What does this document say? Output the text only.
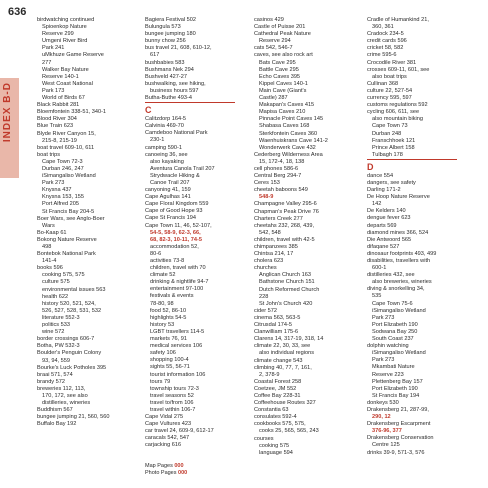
636
INDEX B-D
birdwatching continued
Spioenkop Nature
Reserve 299
Umgeni River Bird
Park 241
uMkhuze Game Reserve
277
Walker Bay Nature
Reserve 140-1
West Coast National
Park 173
World of Birds 67
Black Rabbit 281
Bloemfontein 338-51, 340-1
Blood River 304
Blue Train 623
Blyde River Canyon 15,
215-8, 215-19
boat travel 609-10, 611
boat trips
Cape Town 72-3
Durban 246, 247
iSimangaliso Wetland
Park 273
Knysna 437
Knysna 153, 155
Port Alfred 205
St Francis Bay 204-5
Boer Wars, see Anglo-Boer
Wars
Bo-Kaap 61
Bokong Nature Reserve
498
Bontebok National Park
141-4
books 596
cooking 575, 575
culture 575
environmental issues 563
health 622
history 520, 521, 524,
526, 527, 528, 531, 532
literature 552-3
politics 533
wine 572
border crossings 606-7
Botha, PW 532-3
Boulder's Penguin Colony
93, 94, 559
Bourke's Luck Potholes 395
braai 571, 574
brandy 572
breweries 112, 113,
170, 172, see also
distilleries, wineries
Buddhism 567
bungee jumping 21, 560, 560
Buffalo Bay 192
Bagiera Festival 502
Bulungula 573
bungee jumping 180
bunny chow 256
bus travel 21, 608, 610-12,
617
bushbabies 583
Bushmans Nek 294
Bushveld 427-27
bushwalking, see hiking,
business hours 597
Butha-Buthe 493-4
C
Calitzdorp 164-5
Calvinia 469-70
Camdeboo National Park
230-1
camping 590-1
canoeing 36, see
also kayaking
Aventura Canola Trail 207
Strydwacle Hiking &
Canoe Trail 207
canyoning 41, 159
Cape Agulhas 141
Cape Floral Kingdom 559
Cape of Good Hope 93
Cape St Francis 194
Cape Town 11, 46, 52-107,
54-5, 58-9, 62-3, 66,
68, 82-3, 10-11, 74-5
accommodation 52,
80-6
activities 73-8
children, travel with 70
climate 52
drinking & nightlife 94-7
entertainment 97-100
festivals & events
78-80, 98
food 52, 86-10
highlights 54-5
history 53
LGBT travellers 114-5
markets 76, 91
medical services 106
safety 106
shopping 100-4
sights 55, 56-71
tourist information 106
tours 79
township tours 72-3
travel seasons 52
travel to/from 106
travel within 106-7
Cape Vidal 275
Cape Vultures 423
car travel 24, 609-9, 612-17
caracals 542, 547
carjacking 616
casinos 429
Castle of Puisse 201
Cathedral Peak Nature
Reserve 294
cats 542, 546-7
caves, see also rock art
Bats Cave 295
Battle Cave 295
Echo Caves 395
Kippel Caves 140-1
Main Cave (Giant's
Castle) 287
Makapan's Caves 415
Mapisa Caves 210
Pinnacle Point Caves 145
Shabasa Caves 168
Sterkfontein Caves 360
Waenhuiskrans Cave 141-2
Wonderwerk Cave 432
Cederberg Wilderness Area
15, 172-4, 18, 138
cell phones 586-6
Central Berg 294-7
Ceres 153
cheetah baboons 549
548-9
Champagne Valley 295-6
Chapman's Peak Drive 76
Charters Creek 277
cheetahs 232, 268, 439,
542, 548
children, travel with 42-5
chimpanzees 385
Chintsa 214, 17
cholera 623
churches
Anglican Church 163
Bathstone Church 151
Dutch Reformed Church
228
St John's Church 420
cider 572
cinema 563, 563-5
Citrusdal 174-5
Clanwilliam 175-6
Clarens 14, 317-19, 318, 14
climate 22, 30, 33, see
also individual regions
climate change 543
climbing 40, 77, 7, 161,
2, 378-9
Coastal Forest 258
Coetzee, JM 552
Coffee Bay 228-31
Coffeehouse Routes 327
Constantia 63
consulates 592-4
cookbooks 575, 575,
cooks 25, 565, 565, 243
courses
cooking 575
language 594
Cradle of Humankind 21,
360, 361
Cradock 234-5
credit cards 596
cricket 58, 582
crime 595-6
Crocodile River 381
crosses 609-11, 601, see
also boat trips
Cullinan 368
culture 22, 527-54
currency 595, 597
customs regulations 592
cycling 606, 611, see
also mountain biking
Cape Town 73
Durban 248
Franschhoek 121
Prince Albert 158
Tulbagh 178
D
dance 554
dangers, see safety
Darling 171-2
De Hoop Nature Reserve
142
De Kelders 140
dengue fever 623
departs 569
diamond mines 366, 524
Die Antwoord 565
difaqane 527
dinosaur footprints 493, 499
disabilities, travellers with
600-1
distilleries 432, see
also breweries, wineries
diving & snorkelling 34,
535
Cape Town 75-6
iSimangaliso Wetland
Park 273
Port Elizabeth 190
Sodwana Bay 250
South Coast 237
dolphin watching
iSimangaliso Wetland
Park 273
Mkambati Nature
Reserve 223
Plettenberg Bay 157
Port Elizabeth 190
St Francis Bay 194
donkeys 530
Drakensberg 21, 287-99,
290, 12
Drakensberg Escarpment
376-96, 377
Drakensberg Conservation
Centre 125
drinks 39-9, 571-3, 576
Map Pages 000
Photo Pages 000
